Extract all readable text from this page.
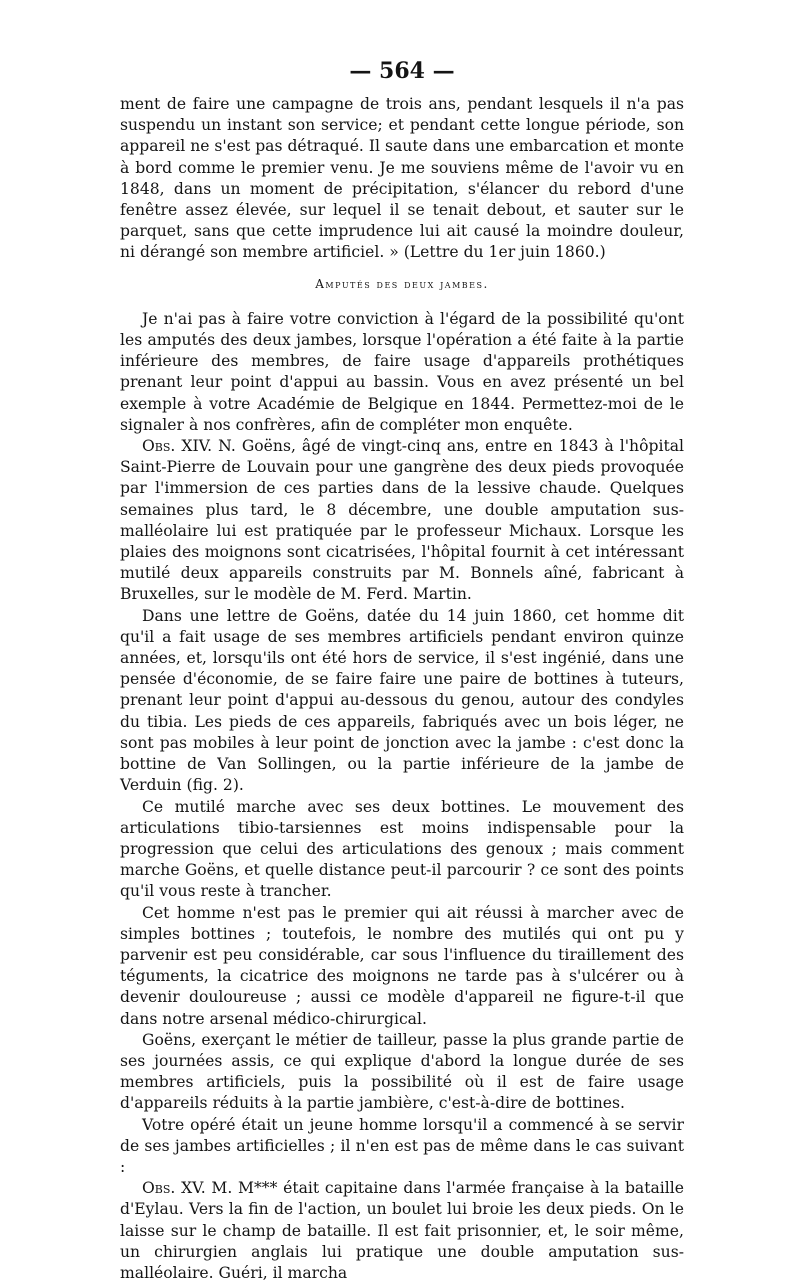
— 564 —

ment de faire une campagne de trois ans, pendant lesquels il n'a pas suspendu un instant son service; et pendant cette longue période, son appareil ne s'est pas détraqué. Il saute dans une embarcation et monte à bord comme le premier venu. Je me souviens même de l'avoir vu en 1848, dans un moment de précipitation, s'élancer du rebord d'une fenêtre assez élevée, sur lequel il se tenait debout, et sauter sur le parquet, sans que cette imprudence lui ait causé la moindre douleur, ni dérangé son membre artificiel. » (Lettre du 1er juin 1860.)

Amputés des deux jambes.

Je n'ai pas à faire votre conviction à l'égard de la possibilité qu'ont les amputés des deux jambes, lorsque l'opération a été faite à la partie inférieure des membres, de faire usage d'appareils prothétiques prenant leur point d'appui au bassin. Vous en avez présenté un bel exemple à votre Académie de Belgique en 1844. Permettez-moi de le signaler à nos confrères, afin de compléter mon enquête.

Obs. XIV. N. Goëns, âgé de vingt-cinq ans, entre en 1843 à l'hôpital Saint-Pierre de Louvain pour une gangrène des deux pieds provoquée par l'immersion de ces parties dans de la lessive chaude. Quelques semaines plus tard, le 8 décembre, une double amputation sus-malléolaire lui est pratiquée par le professeur Michaux. Lorsque les plaies des moignons sont cicatrisées, l'hôpital fournit à cet intéressant mutilé deux appareils construits par M. Bonnels aîné, fabricant à Bruxelles, sur le modèle de M. Ferd. Martin.

Dans une lettre de Goëns, datée du 14 juin 1860, cet homme dit qu'il a fait usage de ses membres artificiels pendant environ quinze années, et, lorsqu'ils ont été hors de service, il s'est ingénié, dans une pensée d'économie, de se faire faire une paire de bottines à tuteurs, prenant leur point d'appui au-dessous du genou, autour des condyles du tibia. Les pieds de ces appareils, fabriqués avec un bois léger, ne sont pas mobiles à leur point de jonction avec la jambe : c'est donc la bottine de Van Sollingen, ou la partie inférieure de la jambe de Verduin (fig. 2).

Ce mutilé marche avec ses deux bottines. Le mouvement des articulations tibio-tarsiennes est moins indispensable pour la progression que celui des articulations des genoux ; mais comment marche Goëns, et quelle distance peut-il parcourir ? ce sont des points qu'il vous reste à trancher.

Cet homme n'est pas le premier qui ait réussi à marcher avec de simples bottines ; toutefois, le nombre des mutilés qui ont pu y parvenir est peu considérable, car sous l'influence du tiraillement des téguments, la cicatrice des moignons ne tarde pas à s'ulcérer ou à devenir douloureuse ; aussi ce modèle d'appareil ne figure-t-il que dans notre arsenal médico-chirurgical.

Goëns, exerçant le métier de tailleur, passe la plus grande partie de ses journées assis, ce qui explique d'abord la longue durée de ses membres artificiels, puis la possibilité où il est de faire usage d'appareils réduits à la partie jambière, c'est-à-dire de bottines.

Votre opéré était un jeune homme lorsqu'il a commencé à se servir de ses jambes artificielles ; il n'en est pas de même dans le cas suivant :

Obs. XV. M. M*** était capitaine dans l'armée française à la bataille d'Eylau. Vers la fin de l'action, un boulet lui broie les deux pieds. On le laisse sur le champ de bataille. Il est fait prisonnier, et, le soir même, un chirurgien anglais lui pratique une double amputation sus-malléolaire. Guéri, il marcha
